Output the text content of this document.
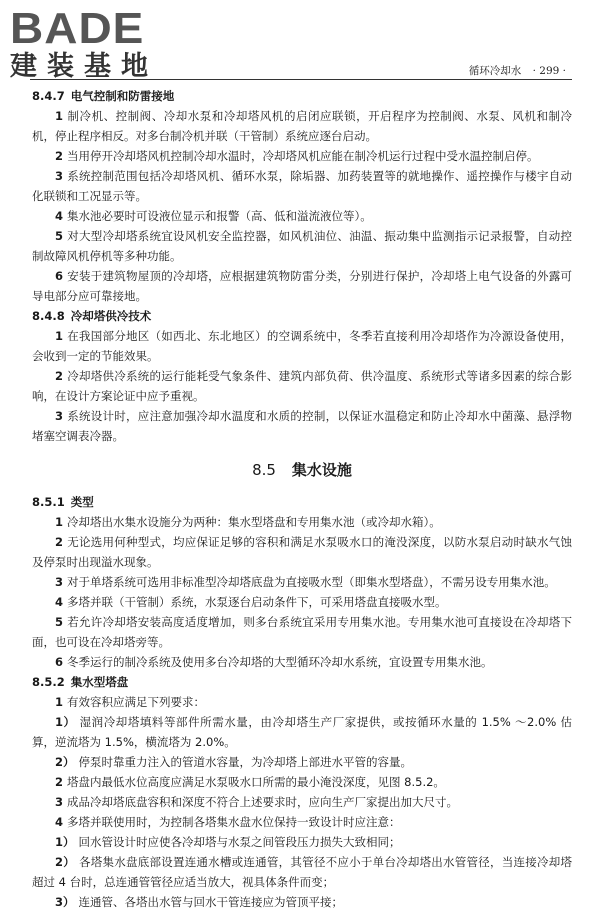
BADE
建装基地	循环冷却水 · 299 ·
8.4.7 电气控制和防雷接地
1 制冷机、控制阀、冷却水泵和冷却塔风机的启闭应联锁，开启程序为控制阀、水泵、风机和制冷机，停止程序相反。对多台制冷机并联（干管制）系统应逐台启动。
2 当用停开冷却塔风机控制冷却水温时，冷却塔风机应能在制冷机运行过程中受水温控制启停。
3 系统控制范围包括冷却塔风机、循环水泵，除垢器、加药装置等的就地操作、遥控操作与楼宇自动化联锁和工况显示等。
4 集水池必要时可设液位显示和报警（高、低和溢流液位等）。
5 对大型冷却塔系统宜设风机安全监控器，如风机油位、油温、振动集中监测指示记录报警，自动控制故障风机停机等多种功能。
6 安装于建筑物屋顶的冷却塔，应根据建筑物防雷分类，分别进行保护，冷却塔上电气设备的外露可导电部分应可靠接地。
8.4.8 冷却塔供冷技术
1 在我国部分地区（如西北、东北地区）的空调系统中，冬季若直接利用冷却塔作为冷源设备使用，会收到一定的节能效果。
2 冷却塔供冷系统的运行能耗受气象条件、建筑内部负荷、供冷温度、系统形式等诸多因素的综合影响，在设计方案论证中应予重视。
3 系统设计时，应注意加强冷却水温度和水质的控制，以保证水温稳定和防止冷却水中菌藻、悬浮物堵塞空调表冷器。
8.5 集水设施
8.5.1 类型
1 冷却塔出水集水设施分为两种：集水型塔盘和专用集水池（或冷却水箱）。
2 无论选用何种型式，均应保证足够的容积和满足水泵吸水口的淹没深度，以防水泵启动时缺水气蚀及停泵时出现溢水现象。
3 对于单塔系统可选用非标准型冷却塔底盘为直接吸水型（即集水型塔盘），不需另设专用集水池。
4 多塔并联（干管制）系统，水泵逐台启动条件下，可采用塔盘直接吸水型。
5 若允许冷却塔安装高度适度增加，则多台系统宜采用专用集水池。专用集水池可直接设在冷却塔下面，也可设在冷却塔旁等。
6 冬季运行的制冷系统及使用多台冷却塔的大型循环冷却水系统，宜设置专用集水池。
8.5.2 集水型塔盘
1 有效容积应满足下列要求：
1） 湿润冷却塔填料等部件所需水量，由冷却塔生产厂家提供，或按循环水量的 1.5% ～2.0% 估算，逆流塔为 1.5%，横流塔为 2.0%。
2） 停泵时靠重力注入的管道水容量，为冷却塔上部进水平管的容量。
2 塔盘内最低水位高度应满足水泵吸水口所需的最小淹没深度，见图 8.5.2。
3 成品冷却塔底盘容积和深度不符合上述要求时，应向生产厂家提出加大尺寸。
4 多塔并联使用时，为控制各塔集水盘水位保持一致设计时应注意：
1） 回水管设计时应使各冷却塔与水泵之间管段压力损失大致相同；
2） 各塔集水盘底部设置连通水槽或连通管，其管径不应小于单台冷却塔出水管管径，当连接冷却塔超过 4 台时，总连通管管径应适当放大，视具体条件而变；
3） 连通管、各塔出水管与回水干管连接应为管顶平接；
